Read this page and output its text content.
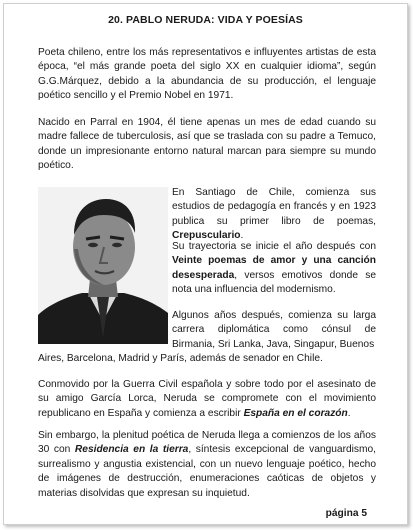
20. PABLO NERUDA: VIDA Y POESÍAS

Poeta chileno, entre los más representativos e influyentes artistas de esta época, “el más grande poeta del siglo XX en cualquier idioma”, según G.G.Márquez, debido a la abundancia de su producción, el lenguaje poético sencillo y el Premio Nobel en 1971.

Nacido en Parral en 1904, él tiene apenas un mes de edad cuando su madre fallece de tuberculosis, así que se traslada con su padre a Temuco, donde un impresionante entorno natural marcan para siempre su mundo poético.

En Santiago de Chile, comienza sus estudios de pedagogía en francés y en 1923 publica su primer libro de poemas, Crepusculario.

Su trayectoria se inicie el año después con Veinte poemas de amor y una canción desesperada, versos emotivos donde se nota una influencia del modernismo.

Algunos años después, comienza su larga carrera diplomática como cónsul de Birmania, Sri Lanka, Java, Singapur, Buenos

Aires, Barcelona, Madrid y París, además de senador en Chile.

Conmovido por la Guerra Civil española y sobre todo por el asesinato de su amigo García Lorca, Neruda se compromete con el movimiento republicano en España y comienza a escribir España en el corazón.

Sin embargo, la plenitud poética de Neruda llega a comienzos de los años 30 con Residencia en la tierra, síntesis excepcional de vanguardismo, surrealismo y angustia existencial, con un nuevo lenguaje poético, hecho de imágenes de destrucción, enumeraciones caóticas de objetos y materias disolvidas que expresan su inquietud.

página 5
